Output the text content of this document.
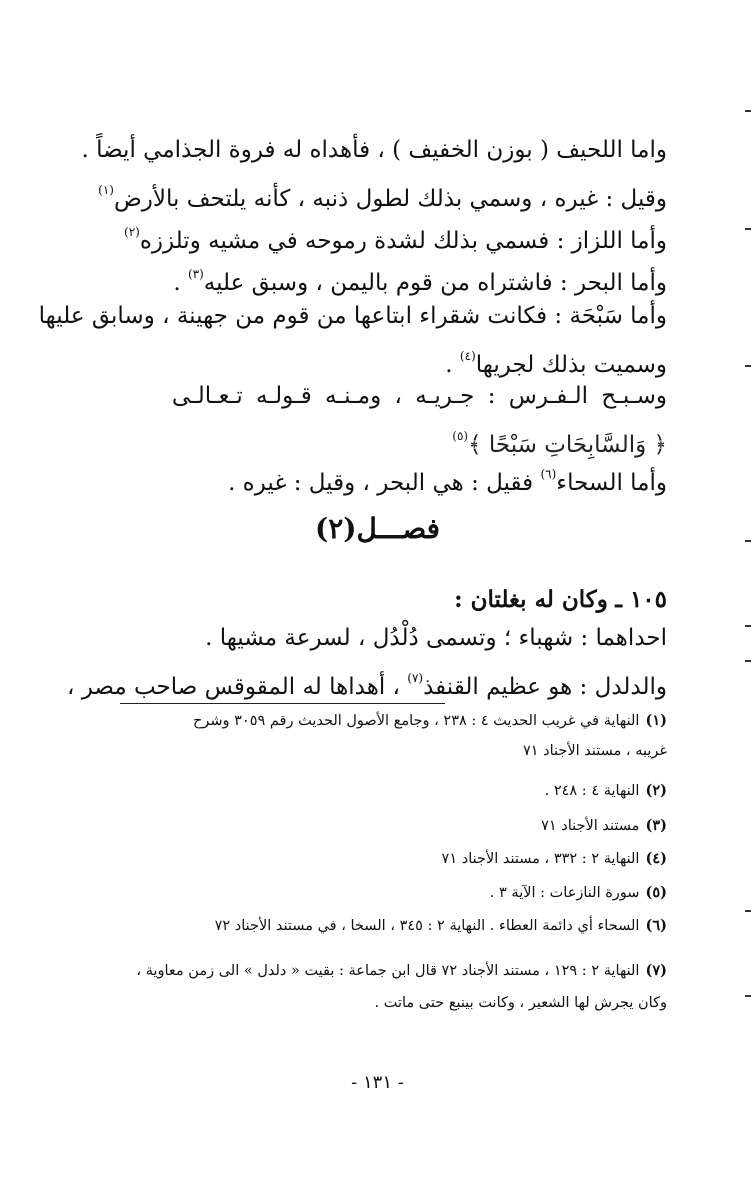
واما اللحيف ( بوزن الخفيف ) ، فأهداه له فروة الجذامي أيضاً .
وقيل : غيره ، وسمي بذلك لطول ذنبه ، كأنه يلتحف بالأرض$^{(١)}$
وأما اللزاز : فسمي بذلك لشدة رموحه في مشيه وتلززه$^{(٢)}$
وأما البحر : فاشتراه من قوم باليمن ، وسبق عليه$^{(٣)}$ .
وأما سَبْحَة : فكانت شقراء ابتاعها من قوم من جهينة ، وسابق عليها
وسميت بذلك لجريها$^{(٤)}$ .
وسـبـح الـفـرس : جـريـه ، ومـنـه قـولـه تـعـالـى
﴿ وَالسَّابِحَاتِ سَبْحًا ﴾$^{(٥)}$
وأما السحاء$^{(٦)}$ فقيل : هي البحر ، وقيل : غيره .
فصـــل(٢)
١٠٥ ـ وكان له بغلتان :
احداهما : شهباء ؛ وتسمى دُلْدُل ، لسرعة مشيها .
والدلدل : هو عظيم القنفذ$^{(٧)}$ ، أهداها له المقوقس صاحب مصر ،
(١)النهاية في غريب الحديث ٤ : ٢٣٨ ، وجامع الأصول الحديث رقم ٣٠٥٩ وشرح
غريبه ، مستند الأجناد ٧١
(٢)النهاية ٤ : ٢٤٨ .
(٣)مستند الأجناد ٧١
(٤)النهاية ٢ : ٣٣٢ ، مستند الأجناد ٧١
(٥)سورة النازعات : الآية ٣ .
(٦)السحاء أي دائمة العطاء . النهاية ٢ : ٣٤٥ ، السخا ، في مستند الأجناد ٧٢
(٧)النهاية ٢ : ١٢٩ ، مستند الأجناد ٧٢ قال ابن جماعة : بقيت « دلدل » الى زمن معاوية ،
وكان يجرش لها الشعير ، وكانت بينبع حتى ماتت .
- ١٣١ -
